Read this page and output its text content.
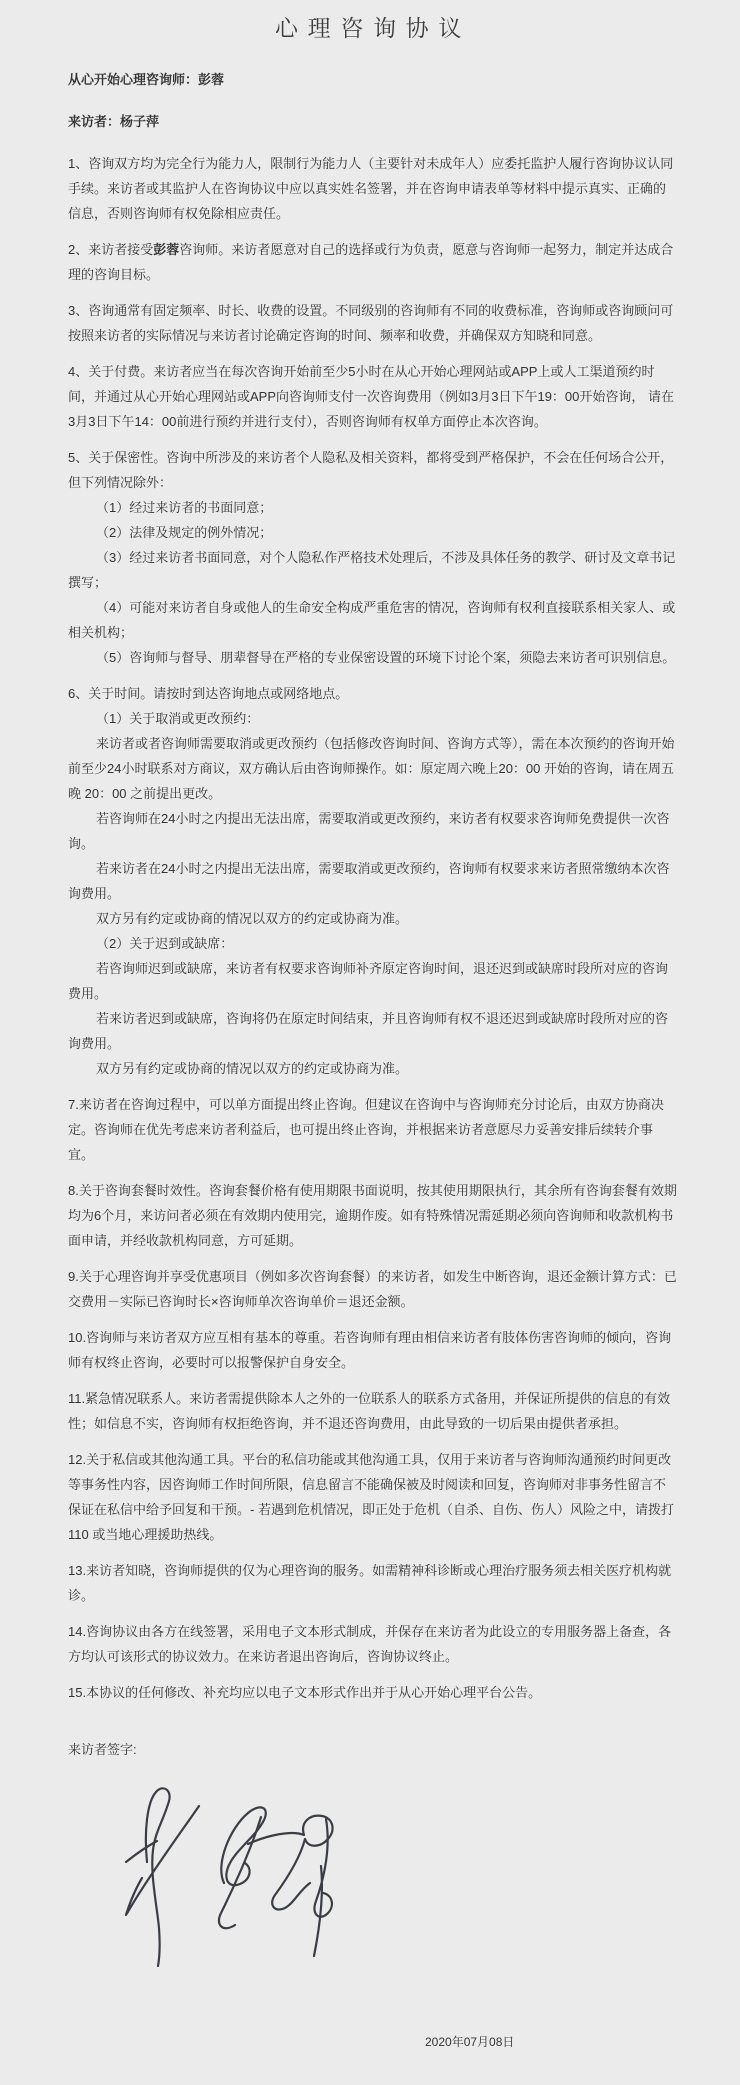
心理咨询协议

从心开始心理咨询师：彭蓉

来访者：杨子萍

1、咨询双方均为完全行为能力人，限制行为能力人（主要针对未成年人）应委托监护人履行咨询协议认同手续。来访者或其监护人在咨询协议中应以真实姓名签署，并在咨询申请表单等材料中提示真实、正确的信息，否则咨询师有权免除相应责任。

2、来访者接受彭蓉咨询师。来访者愿意对自己的选择或行为负责，愿意与咨询师一起努力，制定并达成合理的咨询目标。

3、咨询通常有固定频率、时长、收费的设置。不同级别的咨询师有不同的收费标准，咨询师或咨询顾问可按照来访者的实际情况与来访者讨论确定咨询的时间、频率和收费，并确保双方知晓和同意。

4、关于付费。来访者应当在每次咨询开始前至少5小时在从心开始心理网站或APP上或人工渠道预约时间，并通过从心开始心理网站或APP向咨询师支付一次咨询费用（例如3月3日下午19：00开始咨询， 请在3月3日下午14：00前进行预约并进行支付），否则咨询师有权单方面停止本次咨询。

5、关于保密性。咨询中所涉及的来访者个人隐私及相关资料，都将受到严格保护，不会在任何场合公开，但下列情况除外：
（1）经过来访者的书面同意；
（2）法律及规定的例外情况；
（3）经过来访者书面同意，对个人隐私作严格技术处理后，不涉及具体任务的教学、研讨及文章书记撰写；
（4）可能对来访者自身或他人的生命安全构成严重危害的情况，咨询师有权利直接联系相关家人、或相关机构；
（5）咨询师与督导、朋辈督导在严格的专业保密设置的环境下讨论个案，须隐去来访者可识别信息。
6、关于时间。请按时到达咨询地点或网络地点。
（1）关于取消或更改预约：
来访者或者咨询师需要取消或更改预约（包括修改咨询时间、咨询方式等），需在本次预约的咨询开始前至少24小时联系对方商议，双方确认后由咨询师操作。如：原定周六晚上20：00 开始的咨询，请在周五晚 20：00 之前提出更改。
若咨询师在24小时之内提出无法出席，需要取消或更改预约，来访者有权要求咨询师免费提供一次咨询。
若来访者在24小时之内提出无法出席，需要取消或更改预约，咨询师有权要求来访者照常缴纳本次咨询费用。
双方另有约定或协商的情况以双方的约定或协商为准。
（2）关于迟到或缺席：
若咨询师迟到或缺席，来访者有权要求咨询师补齐原定咨询时间，退还迟到或缺席时段所对应的咨询费用。
若来访者迟到或缺席，咨询将仍在原定时间结束，并且咨询师有权不退还迟到或缺席时段所对应的咨询费用。
双方另有约定或协商的情况以双方的约定或协商为准。

7.来访者在咨询过程中，可以单方面提出终止咨询。但建议在咨询中与咨询师充分讨论后，由双方协商决定。咨询师在优先考虑来访者利益后，也可提出终止咨询，并根据来访者意愿尽力妥善安排后续转介事宜。

8.关于咨询套餐时效性。咨询套餐价格有使用期限书面说明，按其使用期限执行，其余所有咨询套餐有效期均为6个月，来访问者必须在有效期内使用完，逾期作废。如有特殊情况需延期必须向咨询师和收款机构书面申请，并经收款机构同意，方可延期。

9.关于心理咨询并享受优惠项目（例如多次咨询套餐）的来访者，如发生中断咨询，退还金额计算方式：已交费用－实际已咨询时长×咨询师单次咨询单价＝退还金额。

10.咨询师与来访者双方应互相有基本的尊重。若咨询师有理由相信来访者有肢体伤害咨询师的倾向，咨询师有权终止咨询，必要时可以报警保护自身安全。

11.紧急情况联系人。来访者需提供除本人之外的一位联系人的联系方式备用，并保证所提供的信息的有效性；如信息不实，咨询师有权拒绝咨询，并不退还咨询费用，由此导致的一切后果由提供者承担。

12.关于私信或其他沟通工具。平台的私信功能或其他沟通工具，仅用于来访者与咨询师沟通预约时间更改等事务性内容，因咨询师工作时间所限，信息留言不能确保被及时阅读和回复，咨询师对非事务性留言不保证在私信中给予回复和干预。- 若遇到危机情况，即正处于危机（自杀、自伤、伤人）风险之中，请拨打 110 或当地心理援助热线。

13.来访者知晓，咨询师提供的仅为心理咨询的服务。如需精神科诊断或心理治疗服务须去相关医疗机构就诊。

14.咨询协议由各方在线签署，采用电子文本形式制成，并保存在来访者为此设立的专用服务器上备查，各方均认可该形式的协议效力。在来访者退出咨询后，咨询协议终止。

15.本协议的任何修改、补充均应以电子文本形式作出并于从心开始心理平台公告。

来访者签字:

2020年07月08日
